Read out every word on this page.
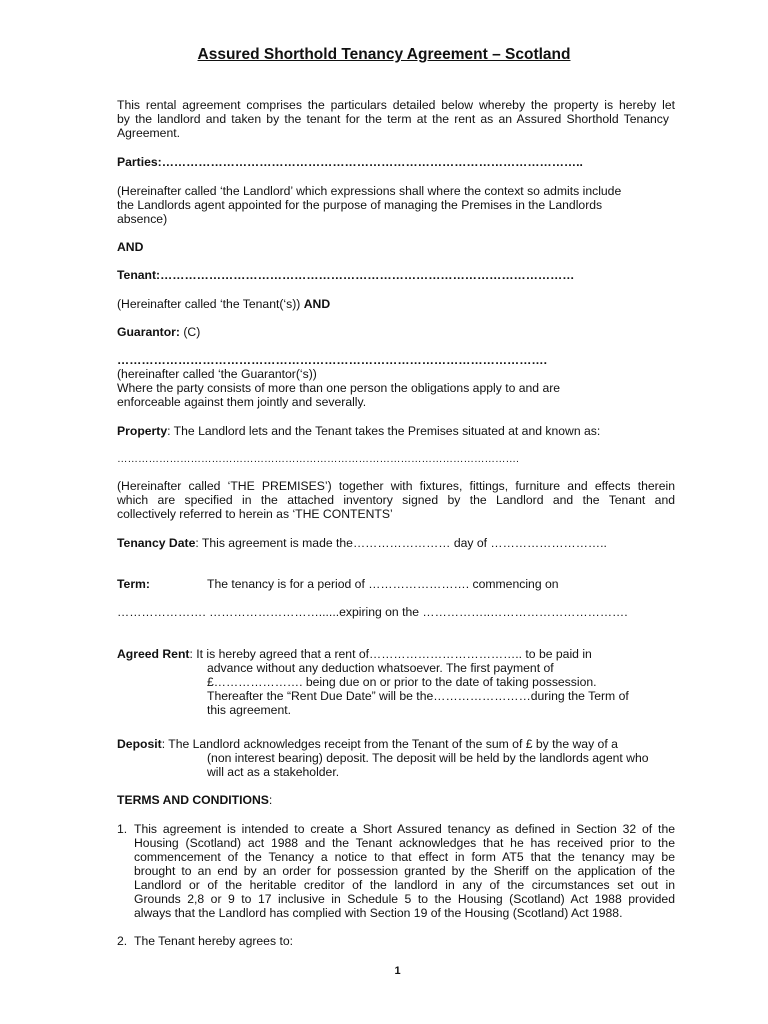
Assured Shorthold Tenancy Agreement – Scotland
This rental agreement comprises the particulars detailed below whereby the property is hereby let
by the landlord and taken by the tenant for the term at the rent as an Assured Shorthold Tenancy
Agreement.
Parties:…………………………………………………………………………………………..
(Hereinafter called ‘the Landlord’ which expressions shall where the context so admits include
the Landlords agent appointed for the purpose of managing the Premises in the Landlords
absence)
AND
Tenant:…………………………………………………………………………………………
(Hereinafter called ‘the Tenant(‘s)) AND
Guarantor: (C)
…………………………………………………………………………………………….
(hereinafter called ‘the Guarantor(‘s))
Where the party consists of more than one person the obligations apply to and are
enforceable against them jointly and severally.
Property: The Landlord lets and the Tenant takes the Premises situated at and known as:
…………………………………………………………………………………………………….
(Hereinafter called ‘THE PREMISES’) together with fixtures, fittings, furniture and effects therein
which are specified in the attached inventory signed by the Landlord and the Tenant and
collectively referred to herein as ‘THE CONTENTS’
Tenancy Date: This agreement is made the…………………… day of ………………………..
Term:	The tenancy is for a period of ……………………. commencing on
…………………. ………………………......expiring on the ……………..…………………………….
Agreed Rent: It is hereby agreed that a rent of……………………………….. to be paid in
advance without any deduction whatsoever. The first payment of
£…………………. being due on or prior to the date of taking possession.
Thereafter the “Rent Due Date” will be the……………………during the Term of
this agreement.
Deposit: The Landlord acknowledges receipt from the Tenant of the sum of £ by the way of a
(non interest bearing) deposit. The deposit will be held by the landlords agent who
will act as a stakeholder.
TERMS AND CONDITIONS:
1. This agreement is intended to create a Short Assured tenancy as defined in Section 32 of the
Housing (Scotland) act 1988 and the Tenant acknowledges that he has received prior to the
commencement of the Tenancy a notice to that effect in form AT5 that the tenancy may be
brought to an end by an order for possession granted by the Sheriff on the application of the
Landlord or of the heritable creditor of the landlord in any of the circumstances set out in
Grounds 2,8 or 9 to 17 inclusive in Schedule 5 to the Housing (Scotland) Act 1988 provided
always that the Landlord has complied with Section 19 of the Housing (Scotland) Act 1988.
2. The Tenant hereby agrees to:
1
